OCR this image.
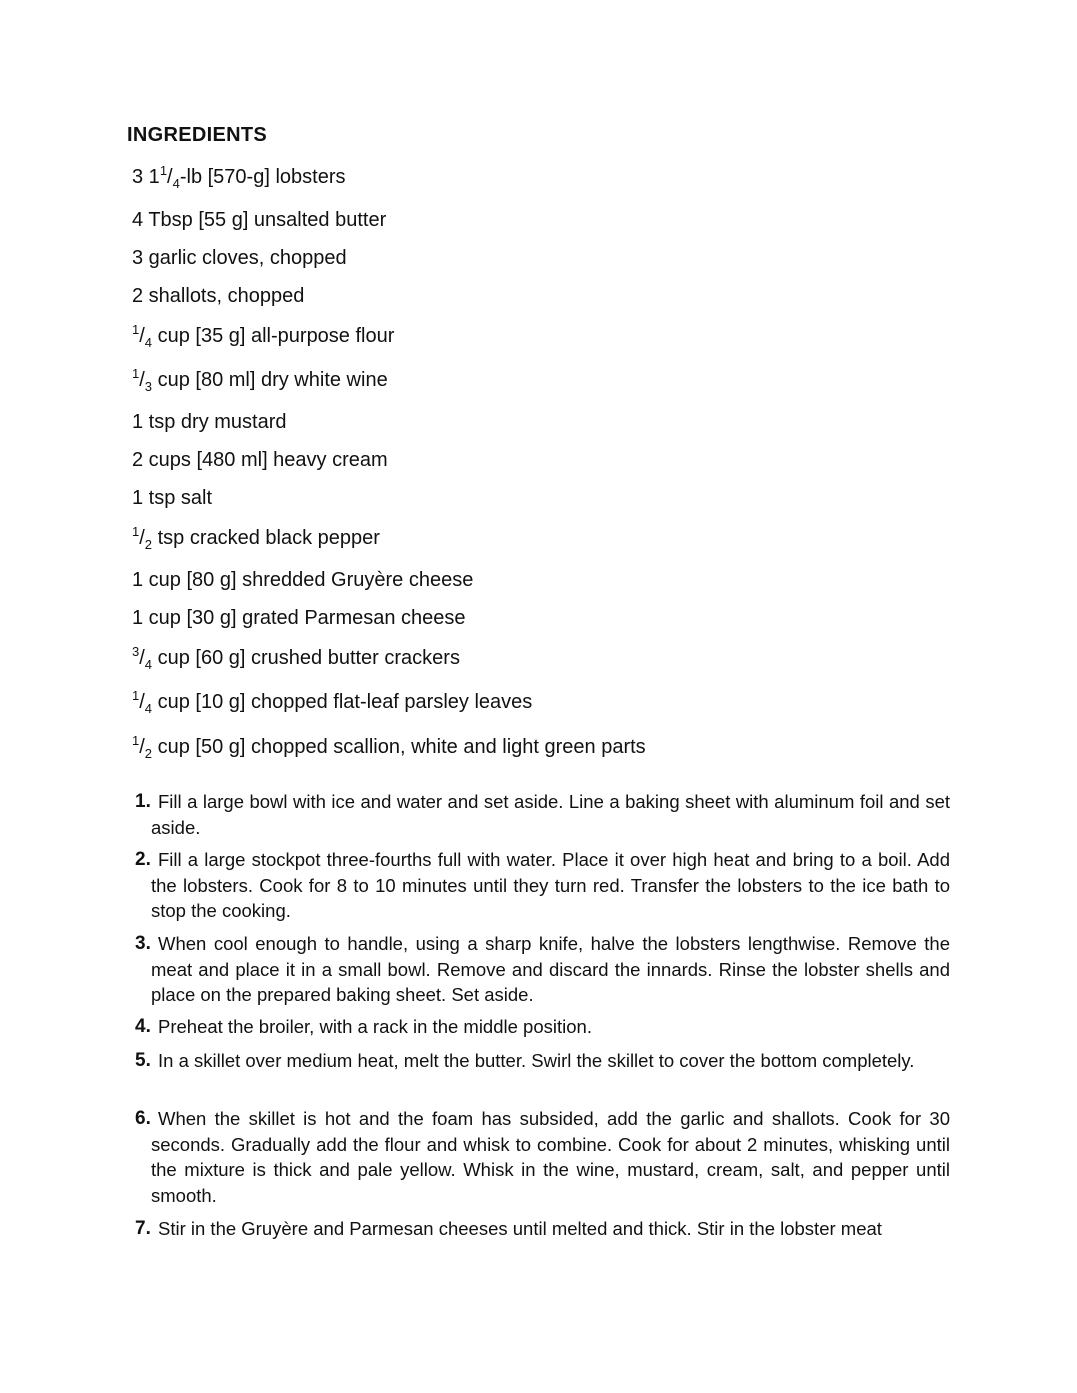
INGREDIENTS
3 $1^1/_4-lb$ [570-g] lobsters
4 Tbsp [55 g] unsalted butter
3 garlic cloves, chopped
2 shallots, chopped
$^1/_4$ cup [35 g] all-purpose flour
$^1/_3$ cup [80 ml] dry white wine
1 tsp dry mustard
2 cups [480 ml] heavy cream
1 tsp salt
$^1/_2$ tsp cracked black pepper
1 cup [80 g] shredded Gruyère cheese
1 cup [30 g] grated Parmesan cheese
$^3/_4$ cup [60 g] crushed butter crackers
$^1/_4$ cup [10 g] chopped flat-leaf parsley leaves
$^1/_2$ cup [50 g] chopped scallion, white and light green parts
1. Fill a large bowl with ice and water and set aside. Line a baking sheet with aluminum foil and set aside.
2. Fill a large stockpot three-fourths full with water. Place it over high heat and bring to a boil. Add the lobsters. Cook for 8 to 10 minutes until they turn red. Transfer the lobsters to the ice bath to stop the cooking.
3. When cool enough to handle, using a sharp knife, halve the lobsters lengthwise. Remove the meat and place it in a small bowl. Remove and discard the innards. Rinse the lobster shells and place on the prepared baking sheet. Set aside.
4. Preheat the broiler, with a rack in the middle position.
5. In a skillet over medium heat, melt the butter. Swirl the skillet to cover the bottom completely.
6. When the skillet is hot and the foam has subsided, add the garlic and shallots. Cook for 30 seconds. Gradually add the flour and whisk to combine. Cook for about 2 minutes, whisking until the mixture is thick and pale yellow. Whisk in the wine, mustard, cream, salt, and pepper until smooth.
7. Stir in the Gruyère and Parmesan cheeses until melted and thick. Stir in the lobster meat
